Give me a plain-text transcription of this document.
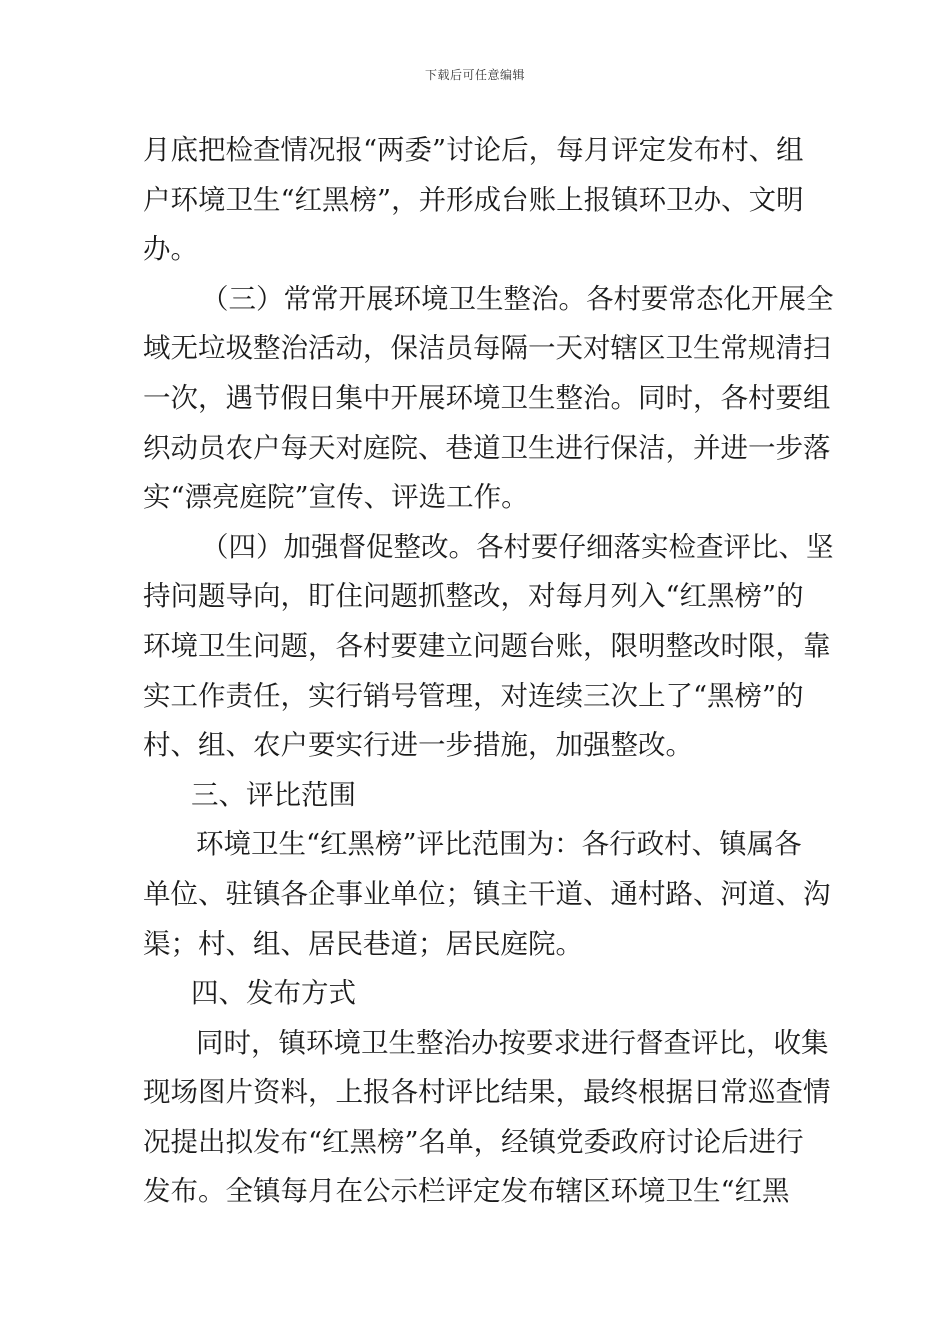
下载后可任意编辑
月底把检查情况报“两委”讨论后，每月评定发布村、组
户环境卫生“红黑榜”，并形成台账上报镇环卫办、文明
办。
（三）常常开展环境卫生整治。各村要常态化开展全
域无垃圾整治活动，保洁员每隔一天对辖区卫生常规清扫
一次，遇节假日集中开展环境卫生整治。同时，各村要组
织动员农户每天对庭院、巷道卫生进行保洁，并进一步落
实“漂亮庭院”宣传、评选工作。
（四）加强督促整改。各村要仔细落实检查评比、坚
持问题导向，盯住问题抓整改，对每月列入“红黑榜”的
环境卫生问题，各村要建立问题台账，限明整改时限，靠
实工作责任，实行销号管理，对连续三次上了“黑榜”的
村、组、农户要实行进一步措施，加强整改。
三、评比范围
环境卫生“红黑榜”评比范围为：各行政村、镇属各
单位、驻镇各企事业单位；镇主干道、通村路、河道、沟
渠；村、组、居民巷道；居民庭院。
四、发布方式
同时，镇环境卫生整治办按要求进行督查评比，收集
现场图片资料，上报各村评比结果，最终根据日常巡查情
况提出拟发布“红黑榜”名单，经镇党委政府讨论后进行
发布。全镇每月在公示栏评定发布辖区环境卫生“红黑
